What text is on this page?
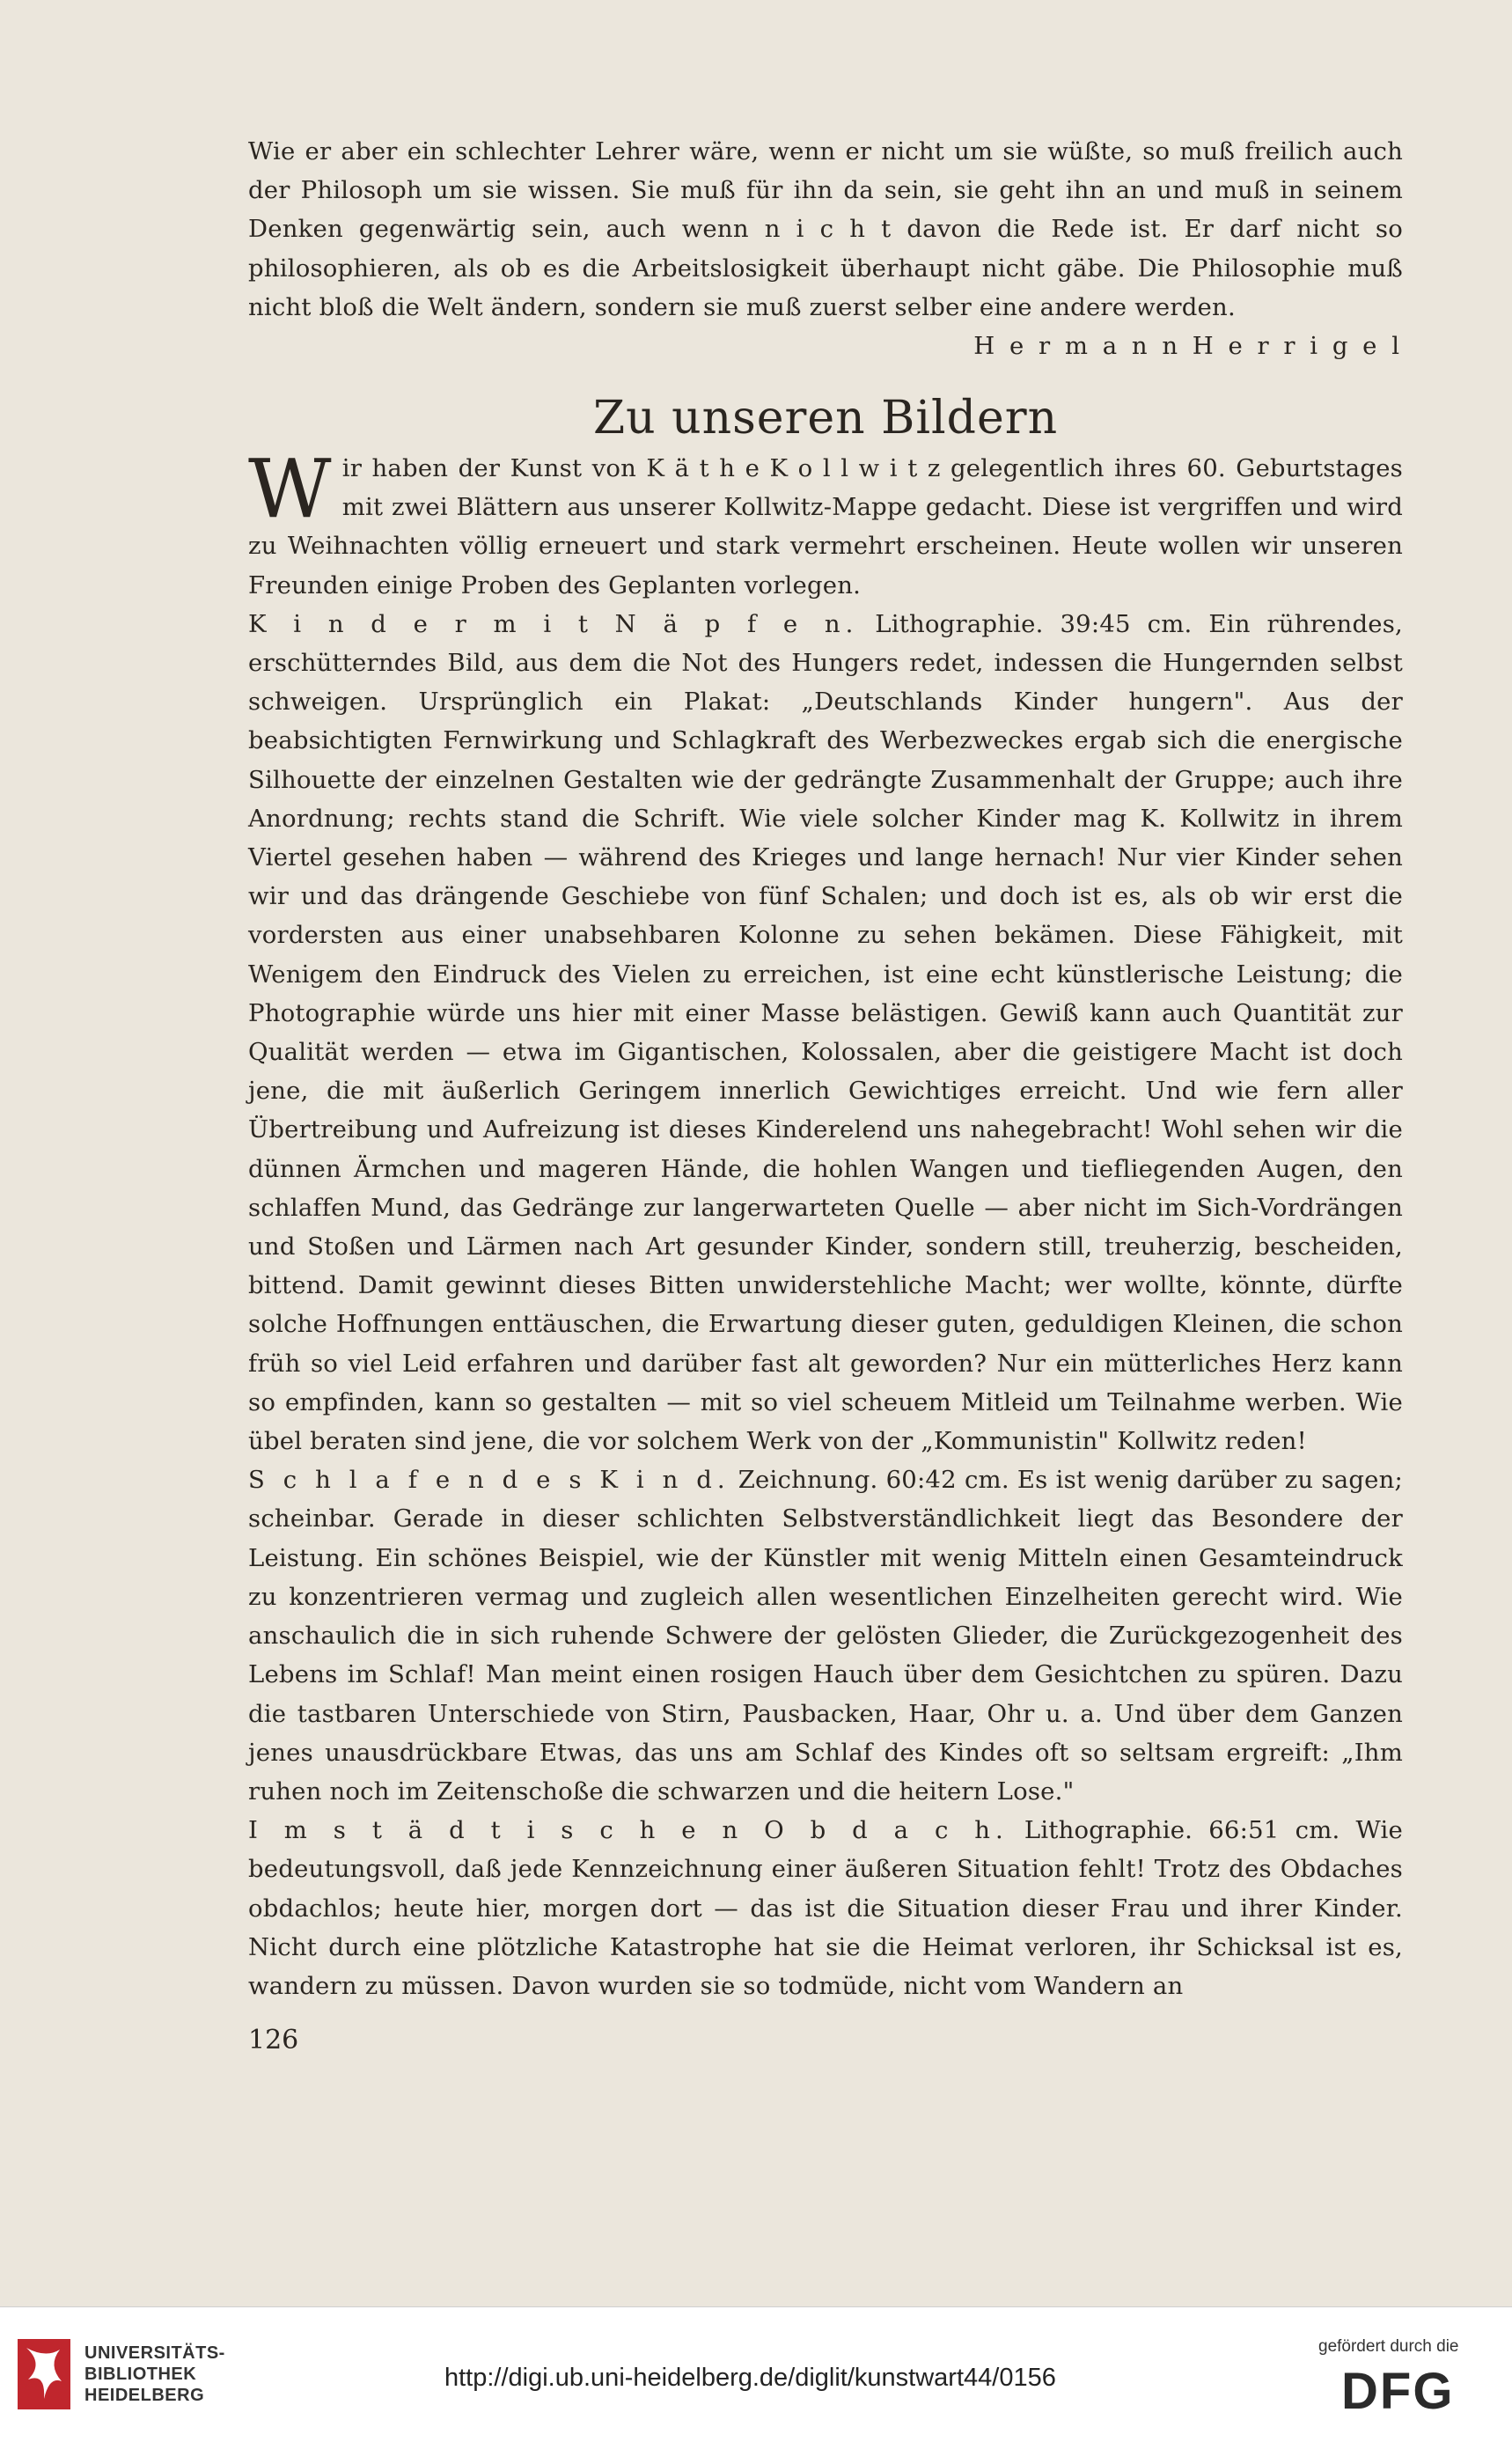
Wie er aber ein schlechter Lehrer wäre, wenn er nicht um sie wüßte, so muß freilich auch der Philosoph um sie wissen. Sie muß für ihn da sein, sie geht ihn an und muß in seinem Denken gegenwärtig sein, auch wenn n i c h t davon die Rede ist. Er darf nicht so philosophieren, als ob es die Arbeitslosigkeit überhaupt nicht gäbe. Die Philosophie muß nicht bloß die Welt ändern, sondern sie muß zuerst selber eine andere werden.
H e r m a n n H e r r i g e l

Zu unseren Bildern

W ir haben der Kunst von K ä t h e K o l l w i t z gelegentlich ihres 60. Geburtstages mit zwei Blättern aus unserer Kollwitz-Mappe gedacht. Diese ist vergriffen und wird zu Weihnachten völlig erneuert und stark vermehrt erscheinen. Heute wollen wir unseren Freunden einige Proben des Geplanten vorlegen.

K i n d e r m i t N ä p f e n. Lithographie. 39:45 cm. Ein rührendes, erschütterndes Bild, aus dem die Not des Hungers redet, indessen die Hungernden selbst schweigen. Ursprünglich ein Plakat: „Deutschlands Kinder hungern". Aus der beabsichtigten Fernwirkung und Schlagkraft des Werbezweckes ergab sich die energische Silhouette der einzelnen Gestalten wie der gedrängte Zusammenhalt der Gruppe; auch ihre Anordnung; rechts stand die Schrift. Wie viele solcher Kinder mag K. Kollwitz in ihrem Viertel gesehen haben — während des Krieges und lange hernach! Nur vier Kinder sehen wir und das drängende Geschiebe von fünf Schalen; und doch ist es, als ob wir erst die vordersten aus einer unabsehbaren Kolonne zu sehen bekämen. Diese Fähigkeit, mit Wenigem den Eindruck des Vielen zu erreichen, ist eine echt künstlerische Leistung; die Photographie würde uns hier mit einer Masse belästigen. Gewiß kann auch Quantität zur Qualität werden — etwa im Gigantischen, Kolossalen, aber die geistigere Macht ist doch jene, die mit äußerlich Geringem innerlich Gewichtiges erreicht. Und wie fern aller Übertreibung und Aufreizung ist dieses Kinderelend uns nahegebracht! Wohl sehen wir die dünnen Ärmchen und mageren Hände, die hohlen Wangen und tiefliegenden Augen, den schlaffen Mund, das Gedränge zur langerwarteten Quelle — aber nicht im Sich-Vordrängen und Stoßen und Lärmen nach Art gesunder Kinder, sondern still, treuherzig, bescheiden, bittend. Damit gewinnt dieses Bitten unwiderstehliche Macht; wer wollte, könnte, dürfte solche Hoffnungen enttäuschen, die Erwartung dieser guten, geduldigen Kleinen, die schon früh so viel Leid erfahren und darüber fast alt geworden? Nur ein mütterliches Herz kann so empfinden, kann so gestalten — mit so viel scheuem Mitleid um Teilnahme werben. Wie übel beraten sind jene, die vor solchem Werk von der „Kommunistin" Kollwitz reden!

S c h l a f e n d e s K i n d. Zeichnung. 60:42 cm. Es ist wenig darüber zu sagen; scheinbar. Gerade in dieser schlichten Selbstverständlichkeit liegt das Besondere der Leistung. Ein schönes Beispiel, wie der Künstler mit wenig Mitteln einen Gesamteindruck zu konzentrieren vermag und zugleich allen wesentlichen Einzelheiten gerecht wird. Wie anschaulich die in sich ruhende Schwere der gelösten Glieder, die Zurückgezogenheit des Lebens im Schlaf! Man meint einen rosigen Hauch über dem Gesichtchen zu spüren. Dazu die tastbaren Unterschiede von Stirn, Pausbacken, Haar, Ohr u. a. Und über dem Ganzen jenes unausdrückbare Etwas, das uns am Schlaf des Kindes oft so seltsam ergreift: „Ihm ruhen noch im Zeitenschoße die schwarzen und die heitern Lose."

I m s t ä d t i s c h e n O b d a c h. Lithographie. 66:51 cm. Wie bedeutungsvoll, daß jede Kennzeichnung einer äußeren Situation fehlt! Trotz des Obdaches obdachlos; heute hier, morgen dort — das ist die Situation dieser Frau und ihrer Kinder. Nicht durch eine plötzliche Katastrophe hat sie die Heimat verloren, ihr Schicksal ist es, wandern zu müssen. Davon wurden sie so todmüde, nicht vom Wandern an

126
UNIVERSITÄTS-
BIBLIOTHEK
HEIDELBERG
http://digi.ub.uni-heidelberg.de/diglit/kunstwart44/0156
gefördert durch die
DFG
